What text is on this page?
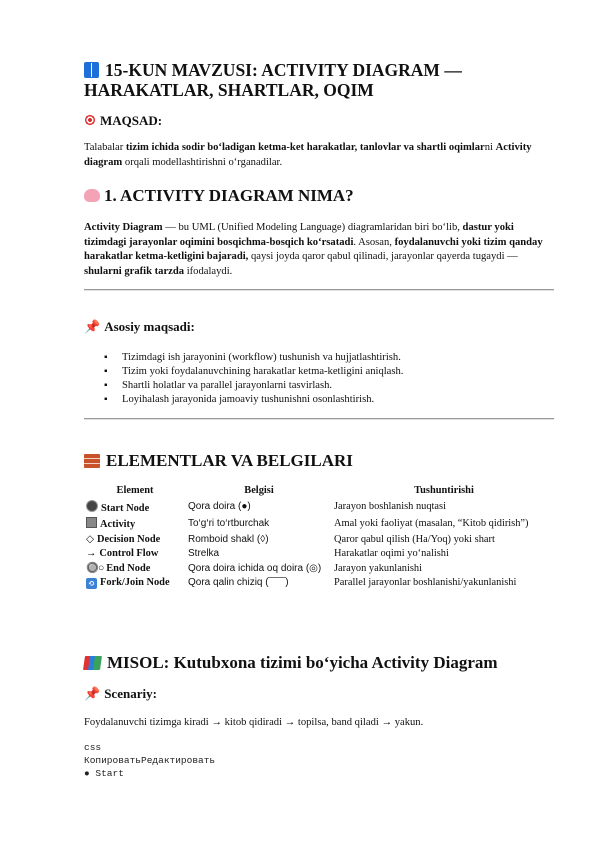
15-KUN MAVZUSI: ACTIVITY DIAGRAM — HARAKATLAR, SHARTLAR, OQIM
MAQSAD:

Talabalar tizim ichida sodir bo‘ladigan ketma-ket harakatlar, tanlovlar va shartli oqimlarni Activity diagram orqali modellashtirishni o‘rganadilar.

1. ACTIVITY DIAGRAM NIMA?

Activity Diagram — bu UML (Unified Modeling Language) diagramlaridan biri bo‘lib, dastur yoki tizimdagi jarayonlar oqimini bosqichma-bosqich ko‘rsatadi. Asosan, foydalanuvchi yoki tizim qanday harakatlar ketma-ketligini bajaradi, qaysi joyda qaror qabul qilinadi, jarayonlar qayerda tugaydi — shularni grafik tarzda ifodalaydi.

📌 Asosiy maqsadi:
▪ Tizimdagi ish jarayonini (workflow) tushunish va hujjatlashtirish.
▪ Tizim yoki foydalanuvchining harakatlar ketma-ketligini aniqlash.
▪ Shartli holatlar va parallel jarayonlarni tasvirlash.
▪ Loyihalash jarayonida jamoaviy tushunishni osonlashtirish.
ELEMENTLAR VA BELGILARI
Element	Belgisi	Tushuntirishi
Start Node	Qora doira (●)	Jarayon boshlanish nuqtasi
Activity	To‘g‘ri to‘rtburchak	Amal yoki faoliyat (masalan, “Kitob qidirish”)
◇ Decision Node	Romboid shakl (◊)	Qaror qabul qilish (Ha/Yoq) yoki shart
→ Control Flow	Strelka	Harakatlar oqimi yo‘nalishi
🔘○ End Node	Qora doira ichida oq doira (◎)	Jarayon yakunlanishi
⟲ Fork/Join Node	Qora qalin chiziq (‾‾‾‾‾)	Parallel jarayonlar boshlanishi/yakunlanishi
MISOL: Kutubxona tizimi bo‘yicha Activity Diagram
📌 Scenariy:

Foydalanuvchi tizimga kiradi → kitob qidiradi → topilsa, band qiladi → yakun.

css
КопироватьРедактировать
● Start
